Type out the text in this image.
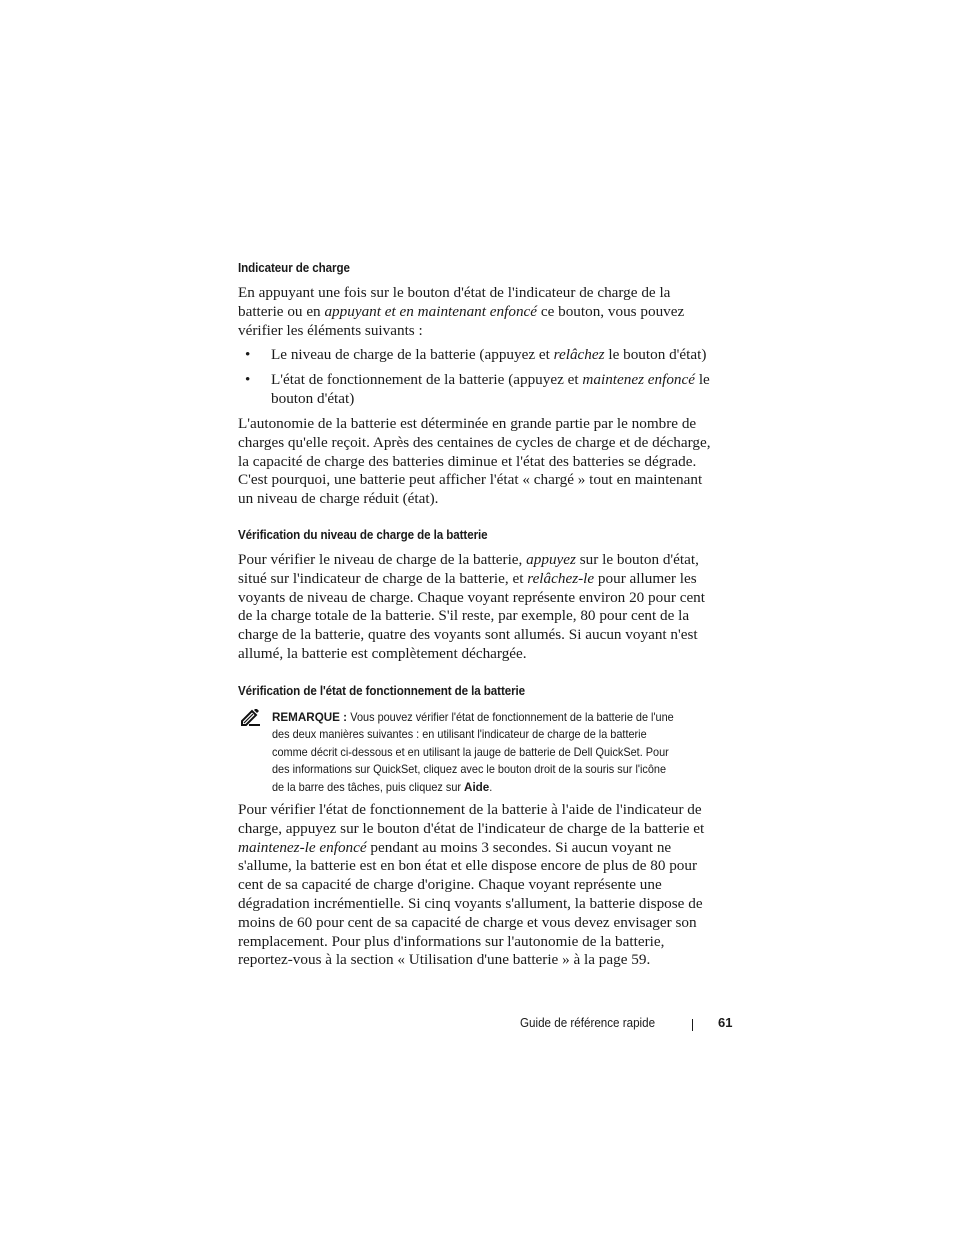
Indicateur de charge
En appuyant une fois sur le bouton d'état de l'indicateur de charge de la
batterie ou en appuyant et en maintenant enfoncé ce bouton, vous pouvez
vérifier les éléments suivants :
• Le niveau de charge de la batterie (appuyez et relâchez le bouton d'état)
• L'état de fonctionnement de la batterie (appuyez et maintenez enfoncé le
bouton d'état)
L'autonomie de la batterie est déterminée en grande partie par le nombre de
charges qu'elle reçoit. Après des centaines de cycles de charge et de décharge,
la capacité de charge des batteries diminue et l'état des batteries se dégrade.
C'est pourquoi, une batterie peut afficher l'état « chargé » tout en maintenant
un niveau de charge réduit (état).
Vérification du niveau de charge de la batterie
Pour vérifier le niveau de charge de la batterie, appuyez sur le bouton d'état,
situé sur l'indicateur de charge de la batterie, et relâchez-le pour allumer les
voyants de niveau de charge. Chaque voyant représente environ 20 pour cent
de la charge totale de la batterie. S'il reste, par exemple, 80 pour cent de la
charge de la batterie, quatre des voyants sont allumés. Si aucun voyant n'est
allumé, la batterie est complètement déchargée.
Vérification de l'état de fonctionnement de la batterie
REMARQUE : Vous pouvez vérifier l'état de fonctionnement de la batterie de l'une
des deux manières suivantes : en utilisant l'indicateur de charge de la batterie
comme décrit ci-dessous et en utilisant la jauge de batterie de Dell QuickSet. Pour
des informations sur QuickSet, cliquez avec le bouton droit de la souris sur l'icône
de la barre des tâches, puis cliquez sur Aide.
Pour vérifier l'état de fonctionnement de la batterie à l'aide de l'indicateur de
charge, appuyez sur le bouton d'état de l'indicateur de charge de la batterie et
maintenez-le enfoncé pendant au moins 3 secondes. Si aucun voyant ne
s'allume, la batterie est en bon état et elle dispose encore de plus de 80 pour
cent de sa capacité de charge d'origine. Chaque voyant représente une
dégradation incrémentielle. Si cinq voyants s'allument, la batterie dispose de
moins de 60 pour cent de sa capacité de charge et vous devez envisager son
remplacement. Pour plus d'informations sur l'autonomie de la batterie,
reportez-vous à la section « Utilisation d'une batterie » à la page 59.
Guide de référence rapide	61
